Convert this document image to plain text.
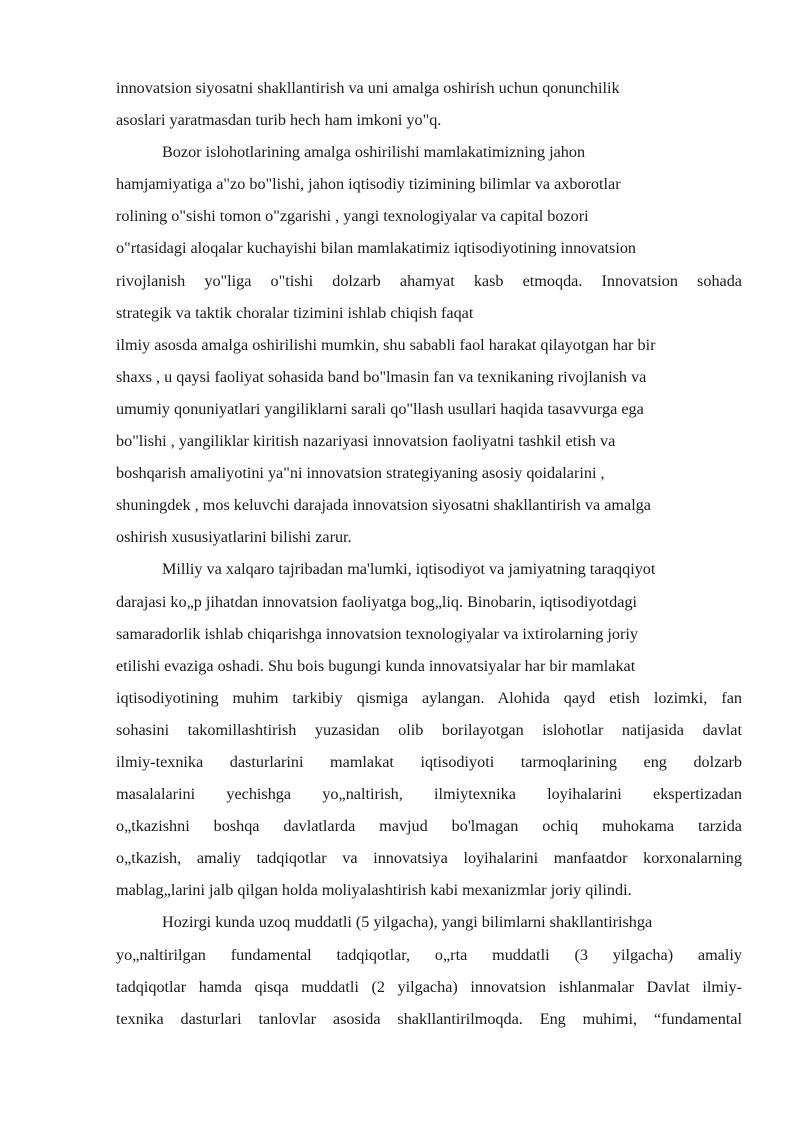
innovatsion siyosatni shakllantirish va uni amalga oshirish uchun qonunchilik
asoslari yaratmasdan turib hech ham imkoni yo"q.
Bozor islohotlarining amalga oshirilishi mamlakatimizning jahon
hamjamiyatiga a"zo bo"lishi, jahon iqtisodiy tizimining bilimlar va axborotlar
rolining o"sishi tomon o"zgarishi , yangi texnologiyalar va capital bozori
o"rtasidagi aloqalar kuchayishi bilan mamlakatimiz iqtisodiyotining innovatsion
rivojlanish yo"liga o"tishi dolzarb ahamyat kasb etmoqda. Innovatsion sohada
strategik va taktik choralar tizimini ishlab chiqish faqat
ilmiy asosda amalga oshirilishi mumkin, shu sababli faol harakat qilayotgan har bir
shaxs , u qaysi faoliyat sohasida band bo"lmasin fan va texnikaning rivojlanish va
umumiy qonuniyatlari yangiliklarni sarali qo"llash usullari haqida tasavvurga ega
bo"lishi , yangiliklar kiritish nazariyasi innovatsion faoliyatni tashkil etish va
boshqarish amaliyotini ya"ni innovatsion strategiyaning asosiy qoidalarini ,
shuningdek , mos keluvchi darajada innovatsion siyosatni shakllantirish va amalga
oshirish xususiyatlarini bilishi zarur.
Milliy va xalqaro tajribadan ma'lumki, iqtisodiyot va jamiyatning taraqqiyot
darajasi ko„p jihatdan innovatsion faoliyatga bog„liq. Binobarin, iqtisodiyotdagi
samaradorlik ishlab chiqarishga innovatsion texnologiyalar va ixtirolarning joriy
etilishi evaziga oshadi. Shu bois bugungi kunda innovatsiyalar har bir mamlakat
iqtisodiyotining muhim tarkibiy qismiga aylangan. Alohida qayd etish lozimki, fan
sohasini takomillashtirish yuzasidan olib borilayotgan islohotlar natijasida davlat
ilmiy-texnika dasturlarini mamlakat iqtisodiyoti tarmoqlarining eng dolzarb
masalalarini yechishga yo„naltirish, ilmiytexnika loyihalarini ekspertizadan
o„tkazishni boshqa davlatlarda mavjud bo'lmagan ochiq muhokama tarzida
o„tkazish, amaliy tadqiqotlar va innovatsiya loyihalarini manfaatdor korxonalarning
mablag„larini jalb qilgan holda moliyalashtirish kabi mexanizmlar joriy qilindi.
Hozirgi kunda uzoq muddatli (5 yilgacha), yangi bilimlarni shakllantirishga
yo„naltirilgan fundamental tadqiqotlar, o„rta muddatli (3 yilgacha) amaliy
tadqiqotlar hamda qisqa muddatli (2 yilgacha) innovatsion ishlanmalar Davlat ilmiy-
texnika dasturlari tanlovlar asosida shakllantirilmoqda. Eng muhimi, “fundamental
